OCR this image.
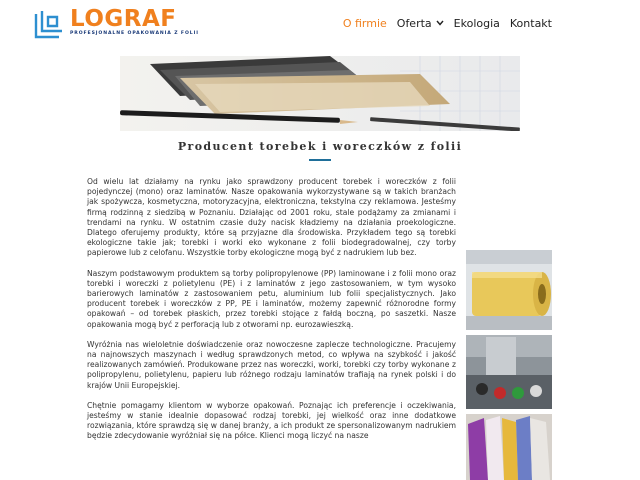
LOGRAF
PROFESJONALNE OPAKOWANIA Z FOLII
O firmie Oferta Ekologia Kontakt
Producent torebek i woreczków z folii

Od wielu lat działamy na rynku jako sprawdzony producent torebek i woreczków z folii pojedynczej (mono) oraz laminatów. Nasze opakowania wykorzystywane są w takich branżach jak spożywcza, kosmetyczna, motoryzacyjna, elektroniczna, tekstylna czy reklamowa. Jesteśmy firmą rodzinną z siedzibą w Poznaniu. Działając od 2001 roku, stale podążamy za zmianami i trendami na rynku. W ostatnim czasie duży nacisk kładziemy na działania proekologiczne. Dlatego oferujemy produkty, które są przyjazne dla środowiska. Przykładem tego są torebki ekologiczne takie jak; torebki i worki eko wykonane z folii biodegradowalnej, czy torby papierowe lub z celofanu. Wszystkie torby ekologiczne mogą być z nadrukiem lub bez.

Naszym podstawowym produktem są torby polipropylenowe (PP) laminowane i z folii mono oraz torebki i woreczki z polietylenu (PE) i z laminatów z jego zastosowaniem, w tym wysoko barierowych laminatów z zastosowaniem petu, aluminium lub folii specjalistycznych. Jako producent torebek i woreczków z PP, PE i laminatów, możemy zapewnić różnorodne formy opakowań – od torebek płaskich, przez torebki stojące z fałdą boczną, po saszetki. Nasze opakowania mogą być z perforacją lub z otworami np. eurozawieszką.

Wyróżnia nas wieloletnie doświadczenie oraz nowoczesne zaplecze technologiczne. Pracujemy na najnowszych maszynach i według sprawdzonych metod, co wpływa na szybkość i jakość realizowanych zamówień. Produkowane przez nas woreczki, worki, torebki czy torby wykonane z polipropylenu, polietylenu, papieru lub różnego rodzaju laminatów trafiają na rynek polski i do krajów Unii Europejskiej.

Chętnie pomagamy klientom w wyborze opakowań. Poznając ich preferencje i oczekiwania, jesteśmy w stanie idealnie dopasować rodzaj torebki, jej wielkość oraz inne dodatkowe rozwiązania, które sprawdzą się w danej branży, a ich produkt ze spersonalizowanym nadrukiem będzie zdecydowanie wyróżniał się na półce. Klienci mogą liczyć na nasze
